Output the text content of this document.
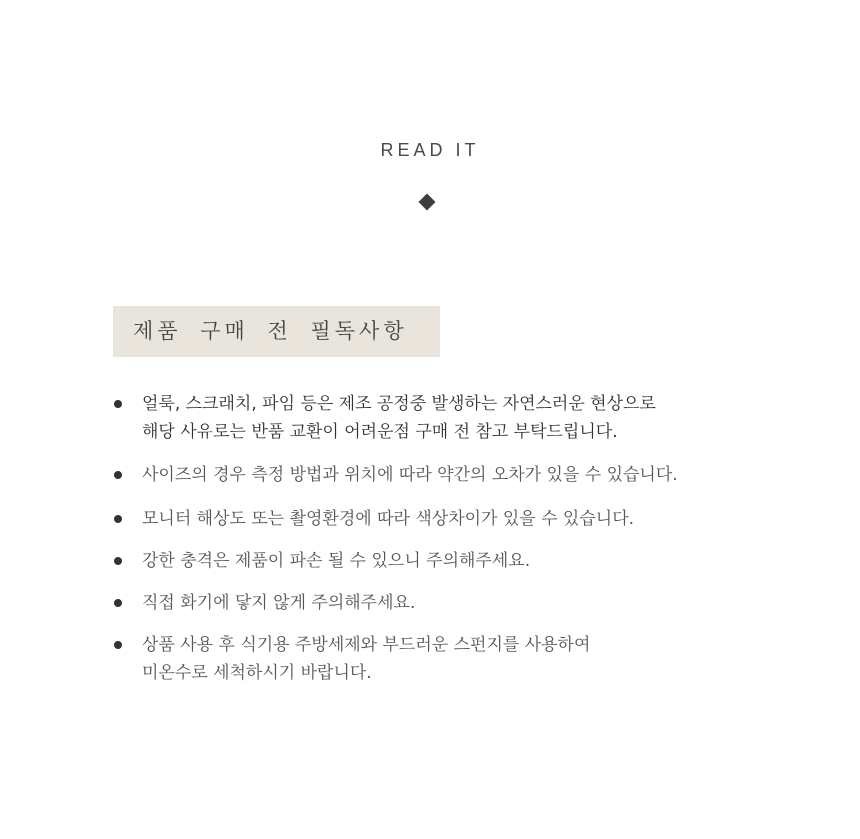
READ IT
제품 구매 전 필독사항
얼룩, 스크래치, 파임 등은 제조 공정중 발생하는 자연스러운 현상으로
해당 사유로는 반품 교환이 어려운점 구매 전 참고 부탁드립니다.
사이즈의 경우 측정 방법과 위치에 따라 약간의 오차가 있을 수 있습니다.
모니터 해상도 또는 촬영환경에 따라 색상차이가 있을 수 있습니다.
강한 충격은 제품이 파손 될 수 있으니 주의해주세요.
직접 화기에 닿지 않게 주의해주세요.
상품 사용 후 식기용 주방세제와 부드러운 스펀지를 사용하여
미온수로 세척하시기 바랍니다.
